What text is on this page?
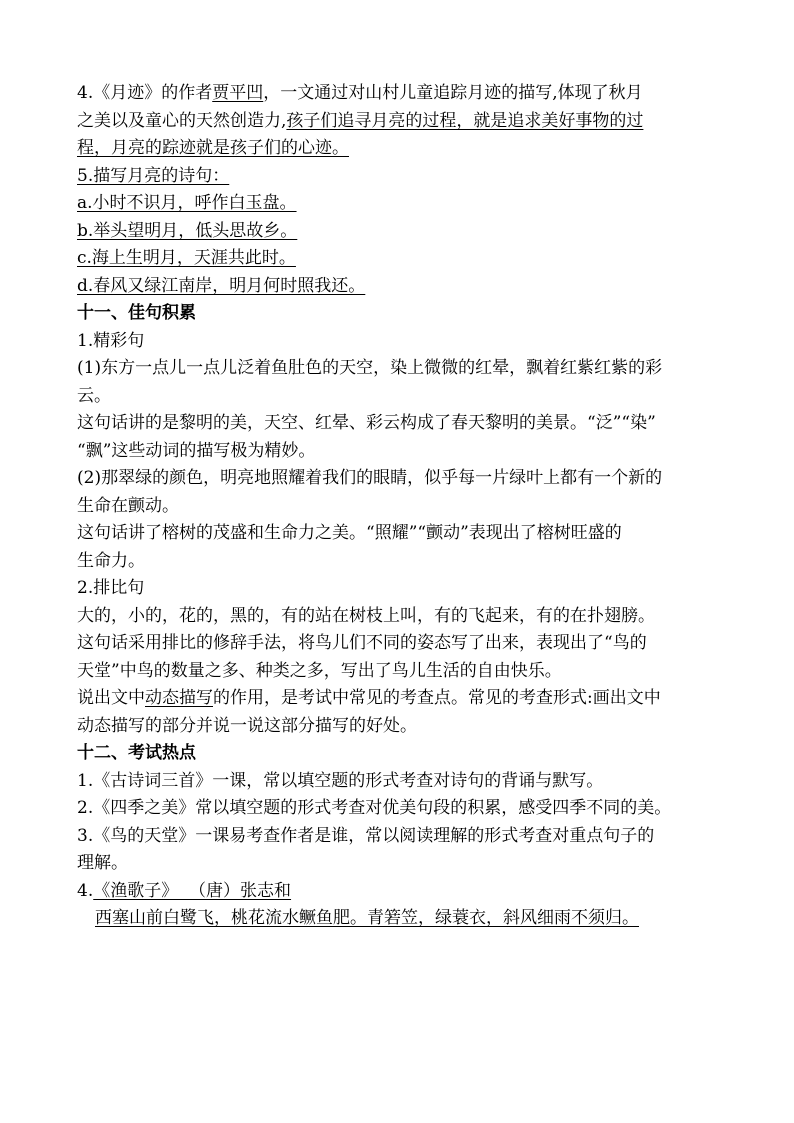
4.《月迹》的作者贾平凹，一文通过对山村儿童追踪月迹的描写,体现了秋月
之美以及童心的天然创造力,孩子们追寻月亮的过程，就是追求美好事物的过
程，月亮的踪迹就是孩子们的心迹。
5.描写月亮的诗句：
a.小时不识月，呼作白玉盘。
b.举头望明月，低头思故乡。
c.海上生明月，天涯共此时。
d.春风又绿江南岸，明月何时照我还。
十一、佳句积累
1.精彩句
(1)东方一点儿一点儿泛着鱼肚色的天空，染上微微的红晕，飘着红紫红紫的彩
云。
这句话讲的是黎明的美，天空、红晕、彩云构成了春天黎明的美景。“泛”“染”
“飘”这些动词的描写极为精妙。
(2)那翠绿的颜色，明亮地照耀着我们的眼睛，似乎每一片绿叶上都有一个新的
生命在颤动。
这句话讲了榕树的茂盛和生命力之美。“照耀”“颤动”表现出了榕树旺盛的
生命力。
2.排比句
大的，小的，花的，黑的，有的站在树枝上叫，有的飞起来，有的在扑翅膀。
这句话采用排比的修辞手法，将鸟儿们不同的姿态写了出来，表现出了“鸟的
天堂”中鸟的数量之多、种类之多，写出了鸟儿生活的自由快乐。
说出文中动态描写的作用，是考试中常见的考查点。常见的考查形式:画出文中
动态描写的部分并说一说这部分描写的好处。
十二、考试热点
1.《古诗词三首》一课，常以填空题的形式考查对诗句的背诵与默写。
2.《四季之美》常以填空题的形式考查对优美句段的积累，感受四季不同的美。
3.《鸟的天堂》一课易考查作者是谁，常以阅读理解的形式考查对重点句子的
理解。
4.《渔歌子》  （唐）张志和
西塞山前白鹭飞，桃花流水鳜鱼肥。青箬笠，绿蓑衣，斜风细雨不须归。
